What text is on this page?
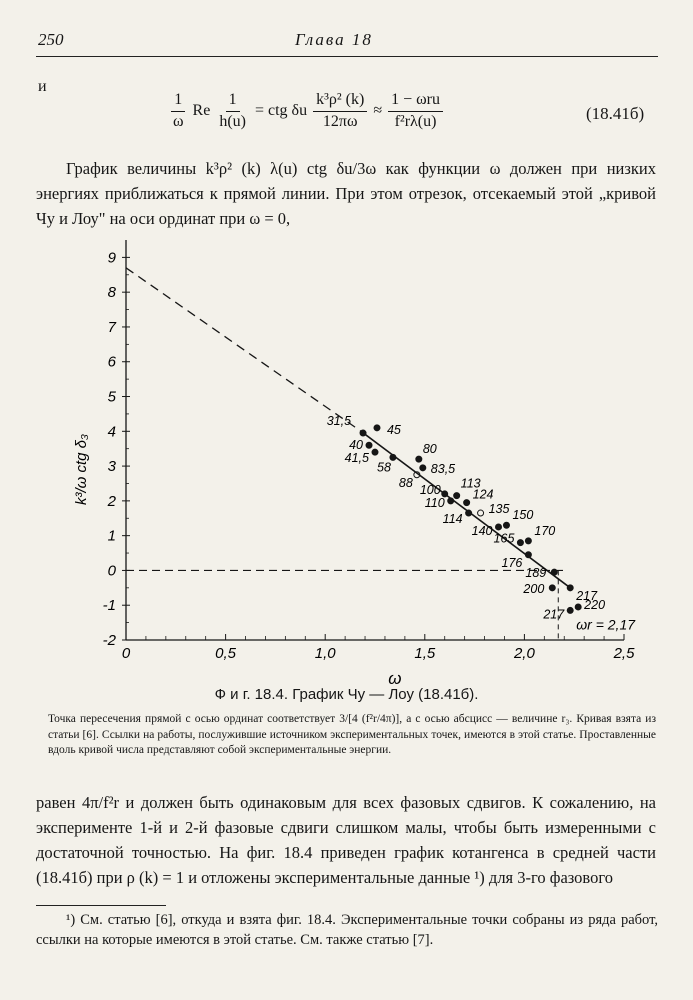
250	Глава 18
и
$\frac{1}{\omega}$ Re $\frac{1}{h(u)}$ = ctg δu $\frac{\text{k³ρ² (k)}}{12\pi\omega} \approx \frac{\text{1 − ωru}}{\text{f²rλ(u)}}$	(18.41б)
График величины k³ρ² (k) λ(u) ctg δu/3ω как функции ω должен при низких энергиях приближаться к прямой линии. При этом отрезок, отсекаемый этой „кривой Чу и Лоу" на оси ординат при ω = 0,
9
8
7
6
5
4
3
2
1
0
-1
-2
0	0,5	1,0	1,5	2,0	2,5
ω
k³/ω ctg δ₃
ωr = 2,17
31,5
45
40
41,5
58
80
83,5
88
100 113
110
124
114
135
140
150
165
170
176
189
200	217
220
217
Ф и г. 18.4. График Чу — Лоу (18.41б).
Точка пересечения прямой с осью ординат соответствует 3/[4 (f²r/4π)], а с осью абсцисс — величине r₃. Кривая взята из статьи [6]. Ссылки на работы, послужившие источником экспериментальных точек, имеются в этой статье. Проставленные вдоль кривой числа представляют собой экспериментальные энергии.
равен 4π/f²r и должен быть одинаковым для всех фазовых сдвигов. К сожалению, на эксперименте 1-й и 2-й фазовые сдвиги слишком малы, чтобы быть измеренными с достаточной точностью. На фиг. 18.4 приведен график котангенса в средней части (18.41б) при ρ (k) = 1 и отложены экспериментальные данные ¹) для 3-го фазового
¹) См. статью [6], откуда и взята фиг. 18.4. Экспериментальные точки собраны из ряда работ, ссылки на которые имеются в этой статье. См. также статью [7].
